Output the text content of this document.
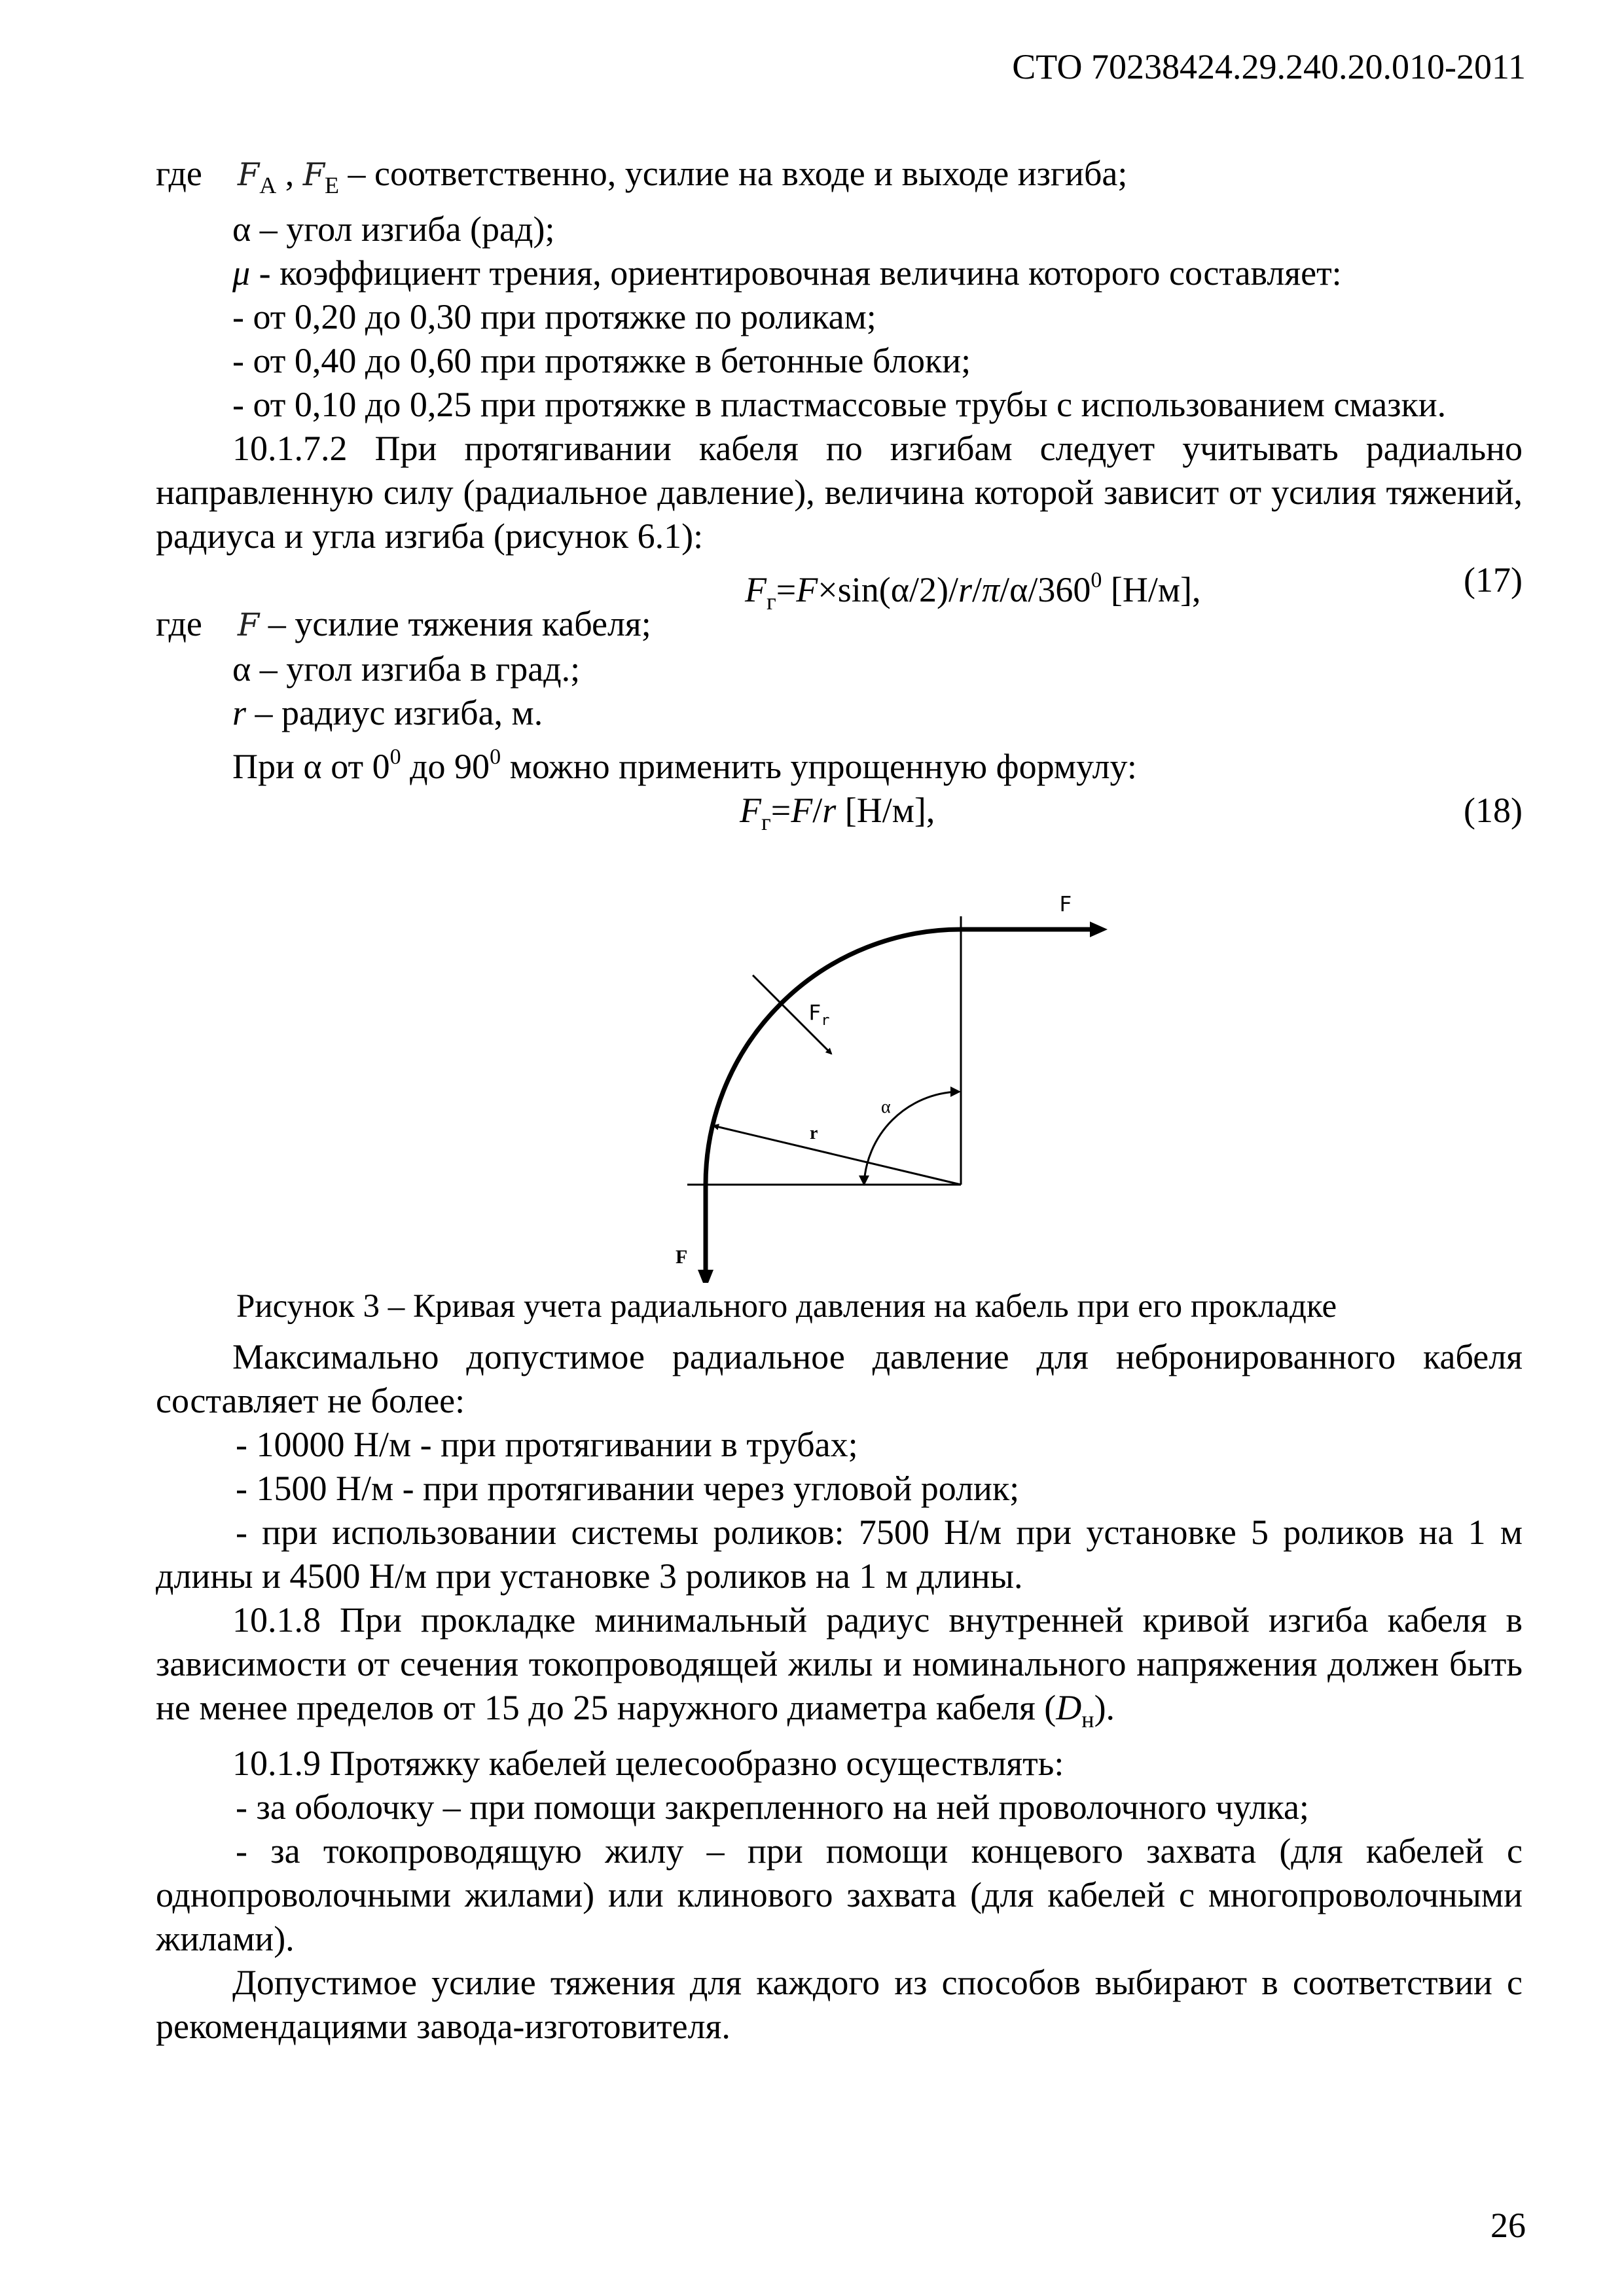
СТО 70238424.29.240.20.010-2011

где $F_А$ , $F_Е$ – соответственно, усилие на входе и выходе изгиба;

α – угол изгиба (рад);

μ - коэффициент трения, ориентировочная величина которого составляет:

- от 0,20 до 0,30 при протяжке по роликам;

- от 0,40 до 0,60 при протяжке в бетонные блоки;

- от 0,10 до 0,25 при протяжке в пластмассовые трубы с использованием смазки.

10.1.7.2 При протягивании кабеля по изгибам следует учитывать радиально направленную силу (радиальное давление), величина которой зависит от усилия тяжений, радиуса и угла изгиба (рисунок 6.1):

$F_г=F\times\sin(\alpha/2)/r/\pi/\alpha/360^0$ [Н/м],	(17)

где F – усилие тяжения кабеля;

α – угол изгиба в град.;

r – радиус изгиба, м.

При α от $0^0$ до $90^0$ можно применить упрощенную формулу:

$F_г=F/r$ [Н/м],	(18)
F
$F_r$
α
r
F
Рисунок 3 – Кривая учета радиального давления на кабель при его прокладке

Максимально допустимое радиальное давление для небронированного кабеля составляет не более:

- 10000 Н/м - при протягивании в трубах;

- 1500 Н/м - при протягивании через угловой ролик;

- при использовании системы роликов: 7500 Н/м при установке 5 роликов на 1 м длины и 4500 Н/м при установке 3 роликов на 1 м длины.

10.1.8 При прокладке минимальный радиус внутренней кривой изгиба кабеля в зависимости от сечения токопроводящей жилы и номинального напряжения должен быть не менее пределов от 15 до 25 наружного диаметра кабеля $(D_н)$.

10.1.9 Протяжку кабелей целесообразно осуществлять:

- за оболочку – при помощи закрепленного на ней проволочного чулка;

- за токопроводящую жилу – при помощи концевого захвата (для кабелей с однопроволочными жилами) или клинового захвата (для кабелей с многопроволочными жилами).

Допустимое усилие тяжения для каждого из способов выбирают в соответствии с рекомендациями завода-изготовителя.

26
